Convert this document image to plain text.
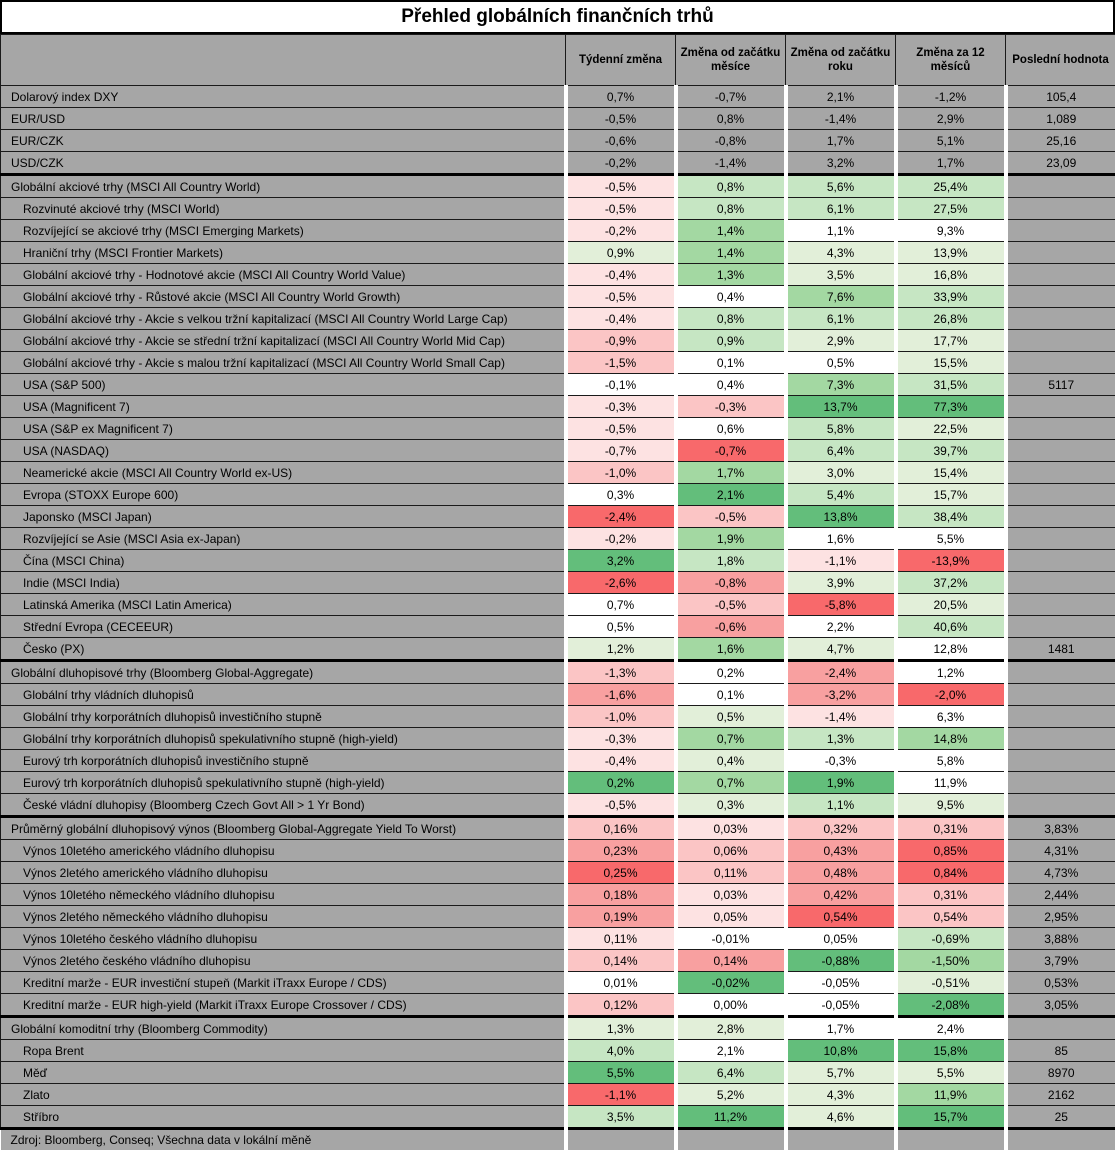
Přehled globálních finančních trhů
	Týdenní změna	Změna od začátku měsíce	Změna od začátku roku	Změna za 12 měsíců	Poslední hodnota
Dolarový index DXY	0,7%	-0,7%	2,1%	-1,2%	105,4
EUR/USD	-0,5%	0,8%	-1,4%	2,9%	1,089
EUR/CZK	-0,6%	-0,8%	1,7%	5,1%	25,16
USD/CZK	-0,2%	-1,4%	3,2%	1,7%	23,09
Globální akciové trhy (MSCI All Country World)	-0,5%	0,8%	5,6%	25,4%	
Rozvinuté akciové trhy (MSCI World)	-0,5%	0,8%	6,1%	27,5%	
Rozvíjející se akciové trhy (MSCI Emerging Markets)	-0,2%	1,4%	1,1%	9,3%	
Hraniční trhy (MSCI Frontier Markets)	0,9%	1,4%	4,3%	13,9%	
Globální akciové trhy - Hodnotové akcie (MSCI All Country World Value)	-0,4%	1,3%	3,5%	16,8%	
Globální akciové trhy - Růstové akcie (MSCI All Country World Growth)	-0,5%	0,4%	7,6%	33,9%	
Globální akciové trhy - Akcie s velkou tržní kapitalizací (MSCI All Country World Large Cap)	-0,4%	0,8%	6,1%	26,8%	
Globální akciové trhy - Akcie se střední tržní kapitalizací (MSCI All Country World Mid Cap)	-0,9%	0,9%	2,9%	17,7%	
Globální akciové trhy - Akcie s malou tržní kapitalizací (MSCI All Country World Small Cap)	-1,5%	0,1%	0,5%	15,5%	
USA (S&P 500)	-0,1%	0,4%	7,3%	31,5%	5117
USA (Magnificent 7)	-0,3%	-0,3%	13,7%	77,3%	
USA (S&P ex Magnificent 7)	-0,5%	0,6%	5,8%	22,5%	
USA (NASDAQ)	-0,7%	-0,7%	6,4%	39,7%	
Neamerické akcie (MSCI All Country World ex-US)	-1,0%	1,7%	3,0%	15,4%	
Evropa (STOXX Europe 600)	0,3%	2,1%	5,4%	15,7%	
Japonsko (MSCI Japan)	-2,4%	-0,5%	13,8%	38,4%	
Rozvíjející se Asie (MSCI Asia ex-Japan)	-0,2%	1,9%	1,6%	5,5%	
Čína (MSCI China)	3,2%	1,8%	-1,1%	-13,9%	
Indie (MSCI India)	-2,6%	-0,8%	3,9%	37,2%	
Latinská Amerika (MSCI Latin America)	0,7%	-0,5%	-5,8%	20,5%	
Střední Evropa (CECEEUR)	0,5%	-0,6%	2,2%	40,6%	
Česko (PX)	1,2%	1,6%	4,7%	12,8%	1481
Globální dluhopisové trhy (Bloomberg Global-Aggregate)	-1,3%	0,2%	-2,4%	1,2%	
Globální trhy vládních dluhopisů	-1,6%	0,1%	-3,2%	-2,0%	
Globální trhy korporátních dluhopisů investičního stupně	-1,0%	0,5%	-1,4%	6,3%	
Globální trhy korporátních dluhopisů spekulativního stupně (high-yield)	-0,3%	0,7%	1,3%	14,8%	
Eurový trh korporátních dluhopisů investičního stupně	-0,4%	0,4%	-0,3%	5,8%	
Eurový trh korporátních dluhopisů spekulativního stupně (high-yield)	0,2%	0,7%	1,9%	11,9%	
České vládní dluhopisy (Bloomberg Czech Govt All > 1 Yr Bond)	-0,5%	0,3%	1,1%	9,5%	
Průměrný globální dluhopisový výnos (Bloomberg Global-Aggregate Yield To Worst)	0,16%	0,03%	0,32%	0,31%	3,83%
Výnos 10letého amerického vládního dluhopisu	0,23%	0,06%	0,43%	0,85%	4,31%
Výnos 2letého amerického vládního dluhopisu	0,25%	0,11%	0,48%	0,84%	4,73%
Výnos 10letého německého vládního dluhopisu	0,18%	0,03%	0,42%	0,31%	2,44%
Výnos 2letého německého vládního dluhopisu	0,19%	0,05%	0,54%	0,54%	2,95%
Výnos 10letého českého vládního dluhopisu	0,11%	-0,01%	0,05%	-0,69%	3,88%
Výnos 2letého českého vládního dluhopisu	0,14%	0,14%	-0,88%	-1,50%	3,79%
Kreditní marže - EUR investiční stupeň (Markit iTraxx Europe / CDS)	0,01%	-0,02%	-0,05%	-0,51%	0,53%
Kreditní marže - EUR high-yield (Markit iTraxx Europe Crossover / CDS)	0,12%	0,00%	-0,05%	-2,08%	3,05%
Globální komoditní trhy (Bloomberg Commodity)	1,3%	2,8%	1,7%	2,4%	
Ropa Brent	4,0%	2,1%	10,8%	15,8%	85
Měď	5,5%	6,4%	5,7%	5,5%	8970
Zlato	-1,1%	5,2%	4,3%	11,9%	2162
Stříbro	3,5%	11,2%	4,6%	15,7%	25
Zdroj: Bloomberg, Conseq; Všechna data v lokální měně					
